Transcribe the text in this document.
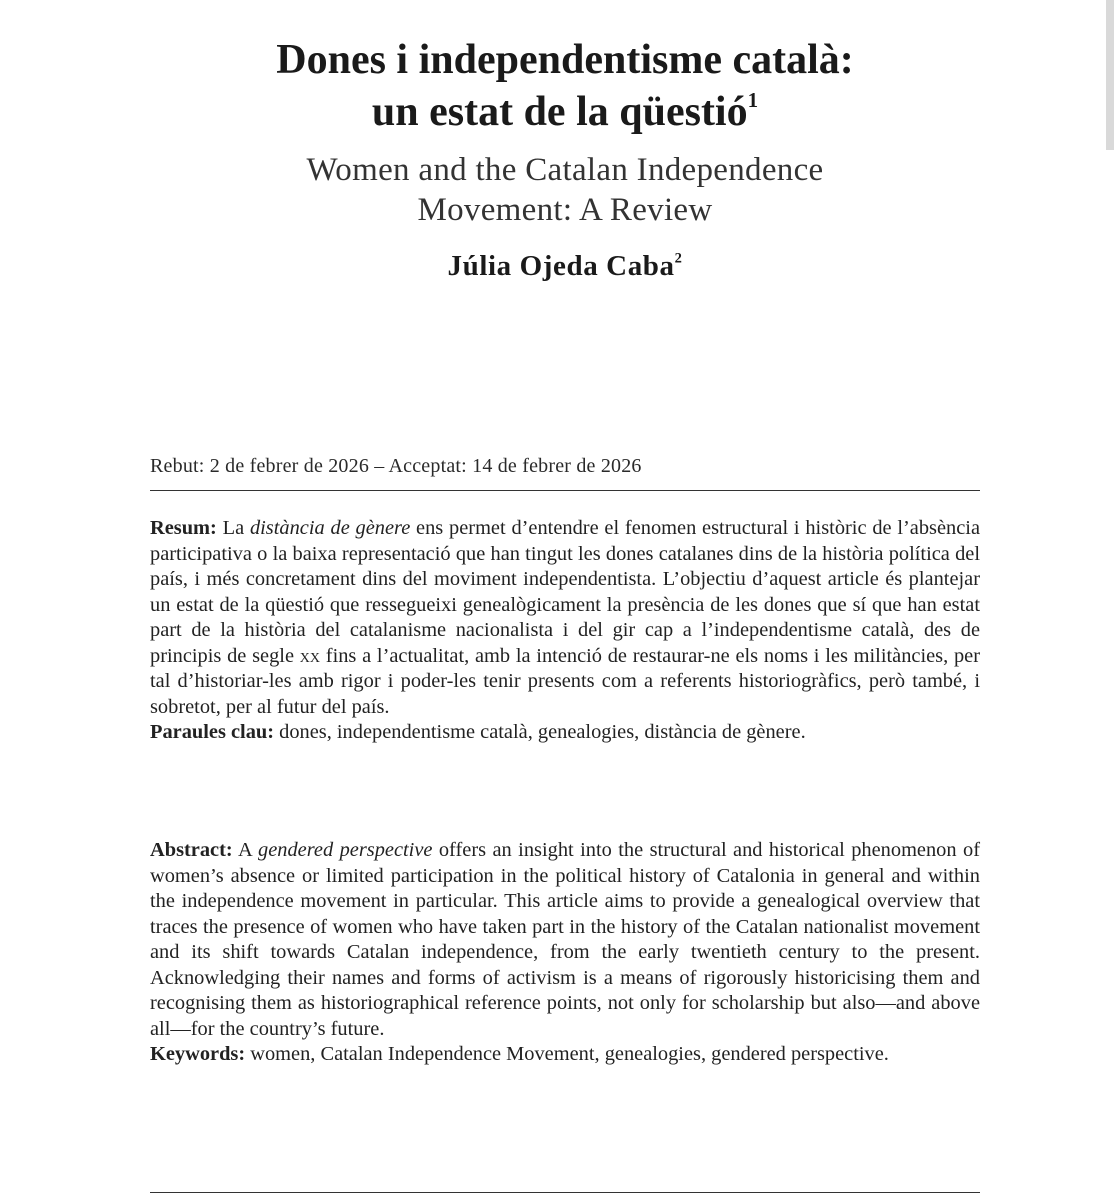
Dones i independentisme català:
un estat de la qüestió$^1$

Women and the Catalan Independence
Movement: A Review

Júlia Ojeda Caba$^2$

Rebut: 2 de febrer de 2026 – Acceptat: 14 de febrer de 2026

Resum: La distància de gènere ens permet d’entendre el fenomen estructural i històric de l’absència participativa o la baixa representació que han tingut les dones catalanes dins de la història política del país, i més concretament dins del moviment independentista. L’objectiu d’aquest article és plantejar un estat de la qüestió que ressegueixi genealògicament la presència de les dones que sí que han estat part de la història del catalanisme nacionalista i del gir cap a l’independentisme català, des de principis de segle xx fins a l’actualitat, amb la intenció de restaurar-ne els noms i les militàncies, per tal d’historiar-les amb rigor i poder-les tenir presents com a referents historiogràfics, però també, i sobretot, per al futur del país.

Paraules clau: dones, independentisme català, genealogies, distància de gènere.

Abstract: A gendered perspective offers an insight into the structural and historical phenomenon of women’s absence or limited participation in the political history of Catalonia in general and within the independence movement in particular. This article aims to provide a genealogical overview that traces the presence of women who have taken part in the history of the Catalan nationalist movement and its shift towards Catalan independence, from the early twentieth century to the present. Acknowledging their names and forms of activism is a means of rigorously historicising them and recognising them as historiographical reference points, not only for scholarship but also—and above all—for the country’s future.

Keywords: women, Catalan Independence Movement, genealogies, gendered perspective.
